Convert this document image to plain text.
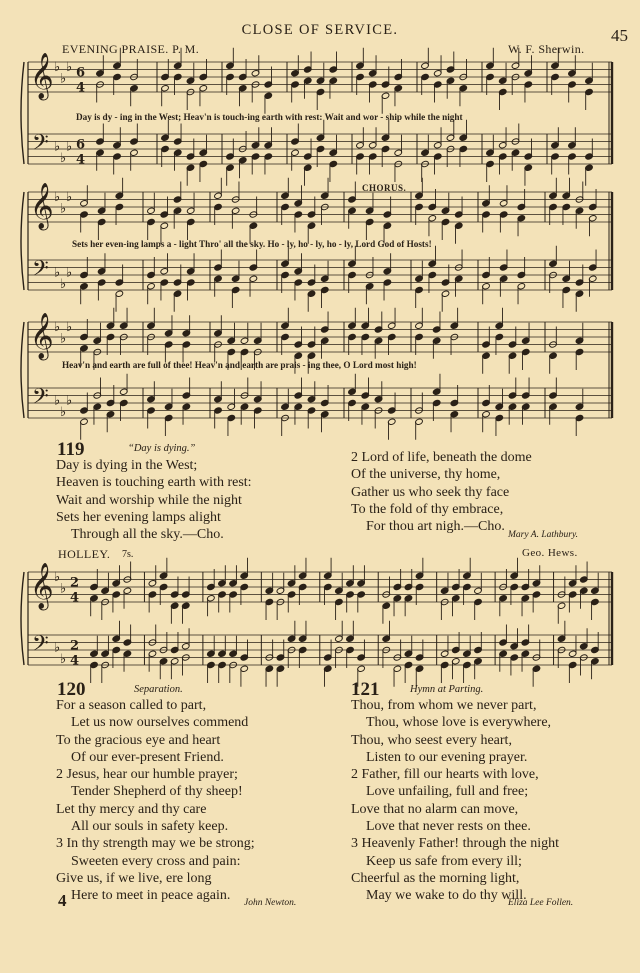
CLOSE OF SERVICE.	45
EVENING PRAISE. P. M.	W. F. Sherwin.
𝄞
𝄢
♭
♭
♭
♭
♭
♭
6
4
6
4
𝄞
𝄢
♭
♭
♭
♭
♭
♭
𝄞
𝄢
♭
♭
♭
♭
♭
♭
𝄞
𝄢
♭
♭
♭
♭
2
4
2
4
Day is dy - ing in the West; Heav'n is touch-ing earth with rest: Wait and wor - ship while the night
CHORUS.
Sets her even-ing lamps a - light Thro' all the sky. Ho - ly, ho - ly, ho - ly, Lord God of Hosts!
Heav'n and earth are full of thee! Heav'n and earth are prais - ing thee, O Lord most high!
119	“Day is dying.”

Day is dying in the West;

Heaven is touching earth with rest:

Wait and worship while the night

Sets her evening lamps alight

Through all the sky.—Cho.

2 Lord of life, beneath the dome

Of the universe, thy home,

Gather us who seek thy face

To the fold of thy embrace,

For thou art nigh.—Cho.

Mary A. Lathbury.
HOLLEY. 7s.	Geo. Hews.
120	Separation.

For a season called to part,

Let us now ourselves commend

To the gracious eye and heart

Of our ever-present Friend.

2 Jesus, hear our humble prayer;

Tender Shepherd of thy sheep!

Let thy mercy and thy care

All our souls in safety keep.

3 In thy strength may we be strong;

Sweeten every cross and pain:

Give us, if we live, ere long

Here to meet in peace again.

4	John Newton.
121	Hymn at Parting.

Thou, from whom we never part,

Thou, whose love is everywhere,

Thou, who seest every heart,

Listen to our evening prayer.

2 Father, fill our hearts with love,

Love unfailing, full and free;

Love that no alarm can move,

Love that never rests on thee.

3 Heavenly Father! through the night

Keep us safe from every ill;

Cheerful as the morning light,

May we wake to do thy will.

Eliza Lee Follen.
